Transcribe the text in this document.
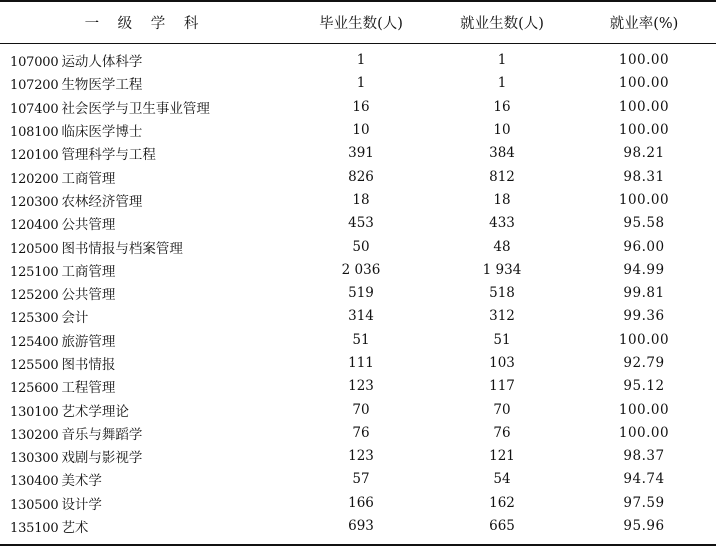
一 级 学 科	毕业生数(人)	就业生数(人)	就业率(%)

107000 运动人体科学	1	1	100.00
107200 生物医学工程	1	1	100.00
107400 社会医学与卫生事业管理	16	16	100.00
108100 临床医学博士	10	10	100.00
120100 管理科学与工程	391	384	98.21
120200 工商管理	826	812	98.31
120300 农林经济管理	18	18	100.00
120400 公共管理	453	433	95.58
120500 图书情报与档案管理	50	48	96.00
125100 工商管理	2 036	1 934	94.99
125200 公共管理	519	518	99.81
125300 会计	314	312	99.36
125400 旅游管理	51	51	100.00
125500 图书情报	111	103	92.79
125600 工程管理	123	117	95.12
130100 艺术学理论	70	70	100.00
130200 音乐与舞蹈学	76	76	100.00
130300 戏剧与影视学	123	121	98.37
130400 美术学	57	54	94.74
130500 设计学	166	162	97.59
135100 艺术	693	665	95.96
